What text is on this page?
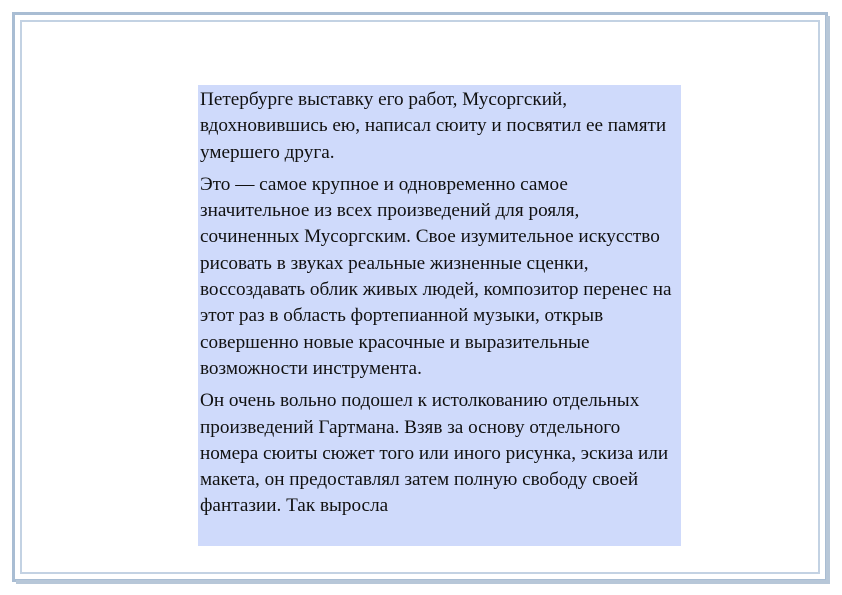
Петербурге выставку его работ, Мусоргский, вдохновившись ею, написал сюиту и посвятил ее памяти умершего друга.

Это — самое крупное и одновременно самое значительное из всех произведений для рояля, сочиненных Мусоргским. Свое изумительное искусство рисовать в звуках реальные жизненные сценки, воссоздавать облик живых людей, композитор перенес на этот раз в область фортепианной музыки, открыв совершенно новые красочные и выразительные возможности инструмента.

Он очень вольно подошел к истолкованию отдельных произведений Гартмана. Взяв за основу отдельного номера сюиты сюжет того или иного рисунка, эскиза или макета, он предоставлял затем полную свободу своей фантазии. Так выросла
